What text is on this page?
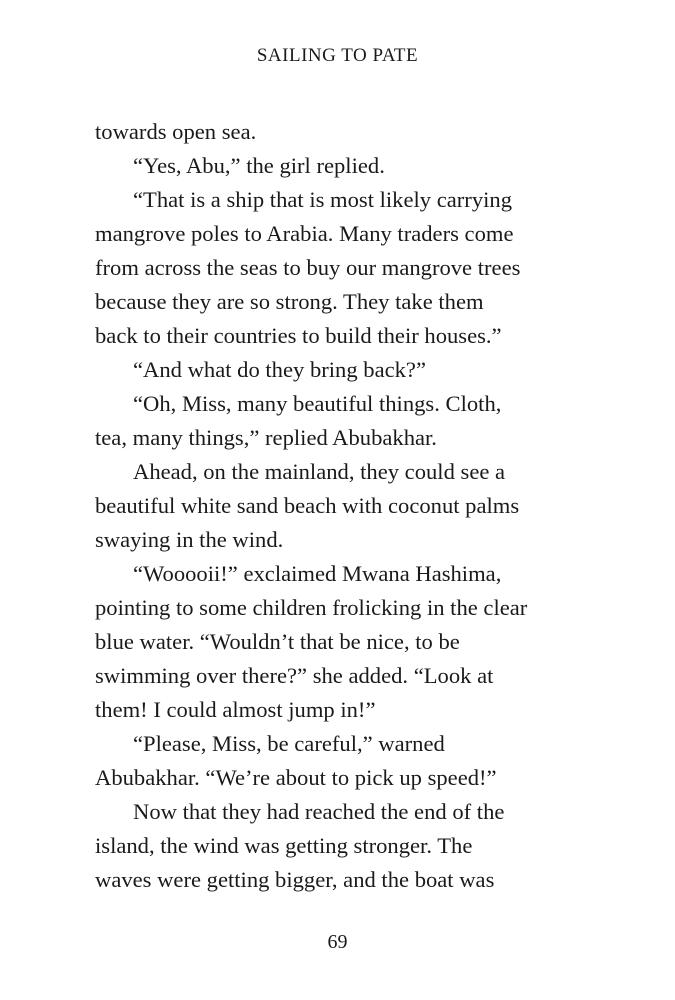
SAILING TO PATE
towards open sea.
“Yes, Abu,” the girl replied.
“That is a ship that is most likely carrying
mangrove poles to Arabia. Many traders come
from across the seas to buy our mangrove trees
because they are so strong. They take them
back to their countries to build their houses.”
“And what do they bring back?”
“Oh, Miss, many beautiful things. Cloth,
tea, many things,” replied Abubakhar.
Ahead, on the mainland, they could see a
beautiful white sand beach with coconut palms
swaying in the wind.
“Wooooii!” exclaimed Mwana Hashima,
pointing to some children frolicking in the clear
blue water. “Wouldn’t that be nice, to be
swimming over there?” she added. “Look at
them! I could almost jump in!”
“Please, Miss, be careful,” warned
Abubakhar. “We’re about to pick up speed!”
Now that they had reached the end of the
island, the wind was getting stronger. The
waves were getting bigger, and the boat was
69
